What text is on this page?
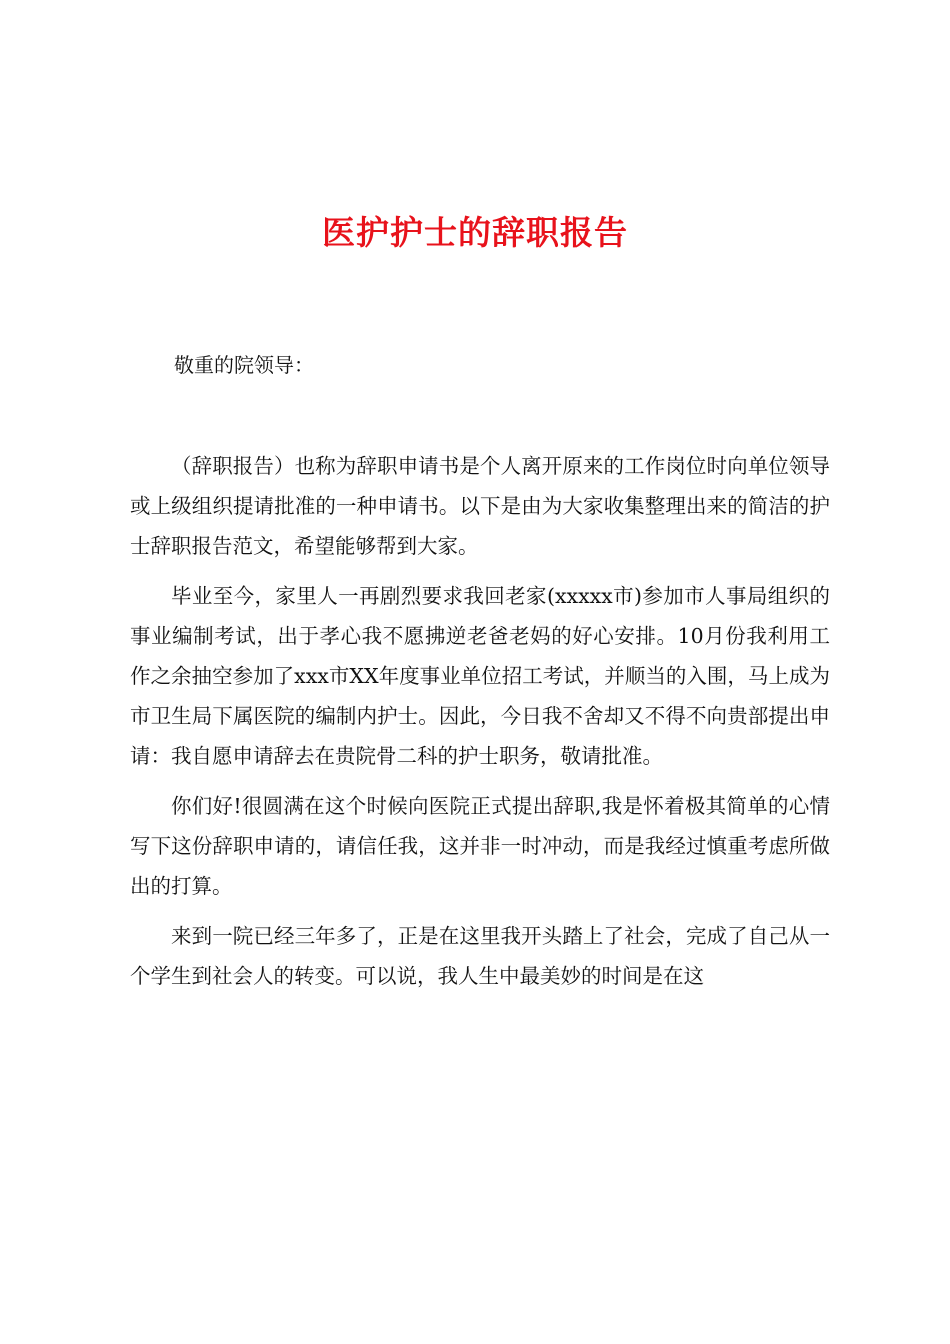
医护护士的辞职报告
敬重的院领导：

（辞职报告）也称为辞职申请书是个人离开原来的工作岗位时向单位领导或上级组织提请批准的一种申请书。以下是由为大家收集整理出来的简洁的护士辞职报告范文，希望能够帮到大家。

毕业至今，家里人一再剧烈要求我回老家(xxxxx市)参加市人事局组织的事业编制考试，出于孝心我不愿拂逆老爸老妈的好心安排。10月份我利用工作之余抽空参加了xxx市XX年度事业单位招工考试，并顺当的入围，马上成为市卫生局下属医院的编制内护士。因此，今日我不舍却又不得不向贵部提出申请：我自愿申请辞去在贵院骨二科的护士职务，敬请批准。

你们好!很圆满在这个时候向医院正式提出辞职,我是怀着极其简单的心情写下这份辞职申请的，请信任我，这并非一时冲动，而是我经过慎重考虑所做出的打算。

来到一院已经三年多了，正是在这里我开头踏上了社会，完成了自己从一个学生到社会人的转变。可以说，我人生中最美妙的时间是在这
